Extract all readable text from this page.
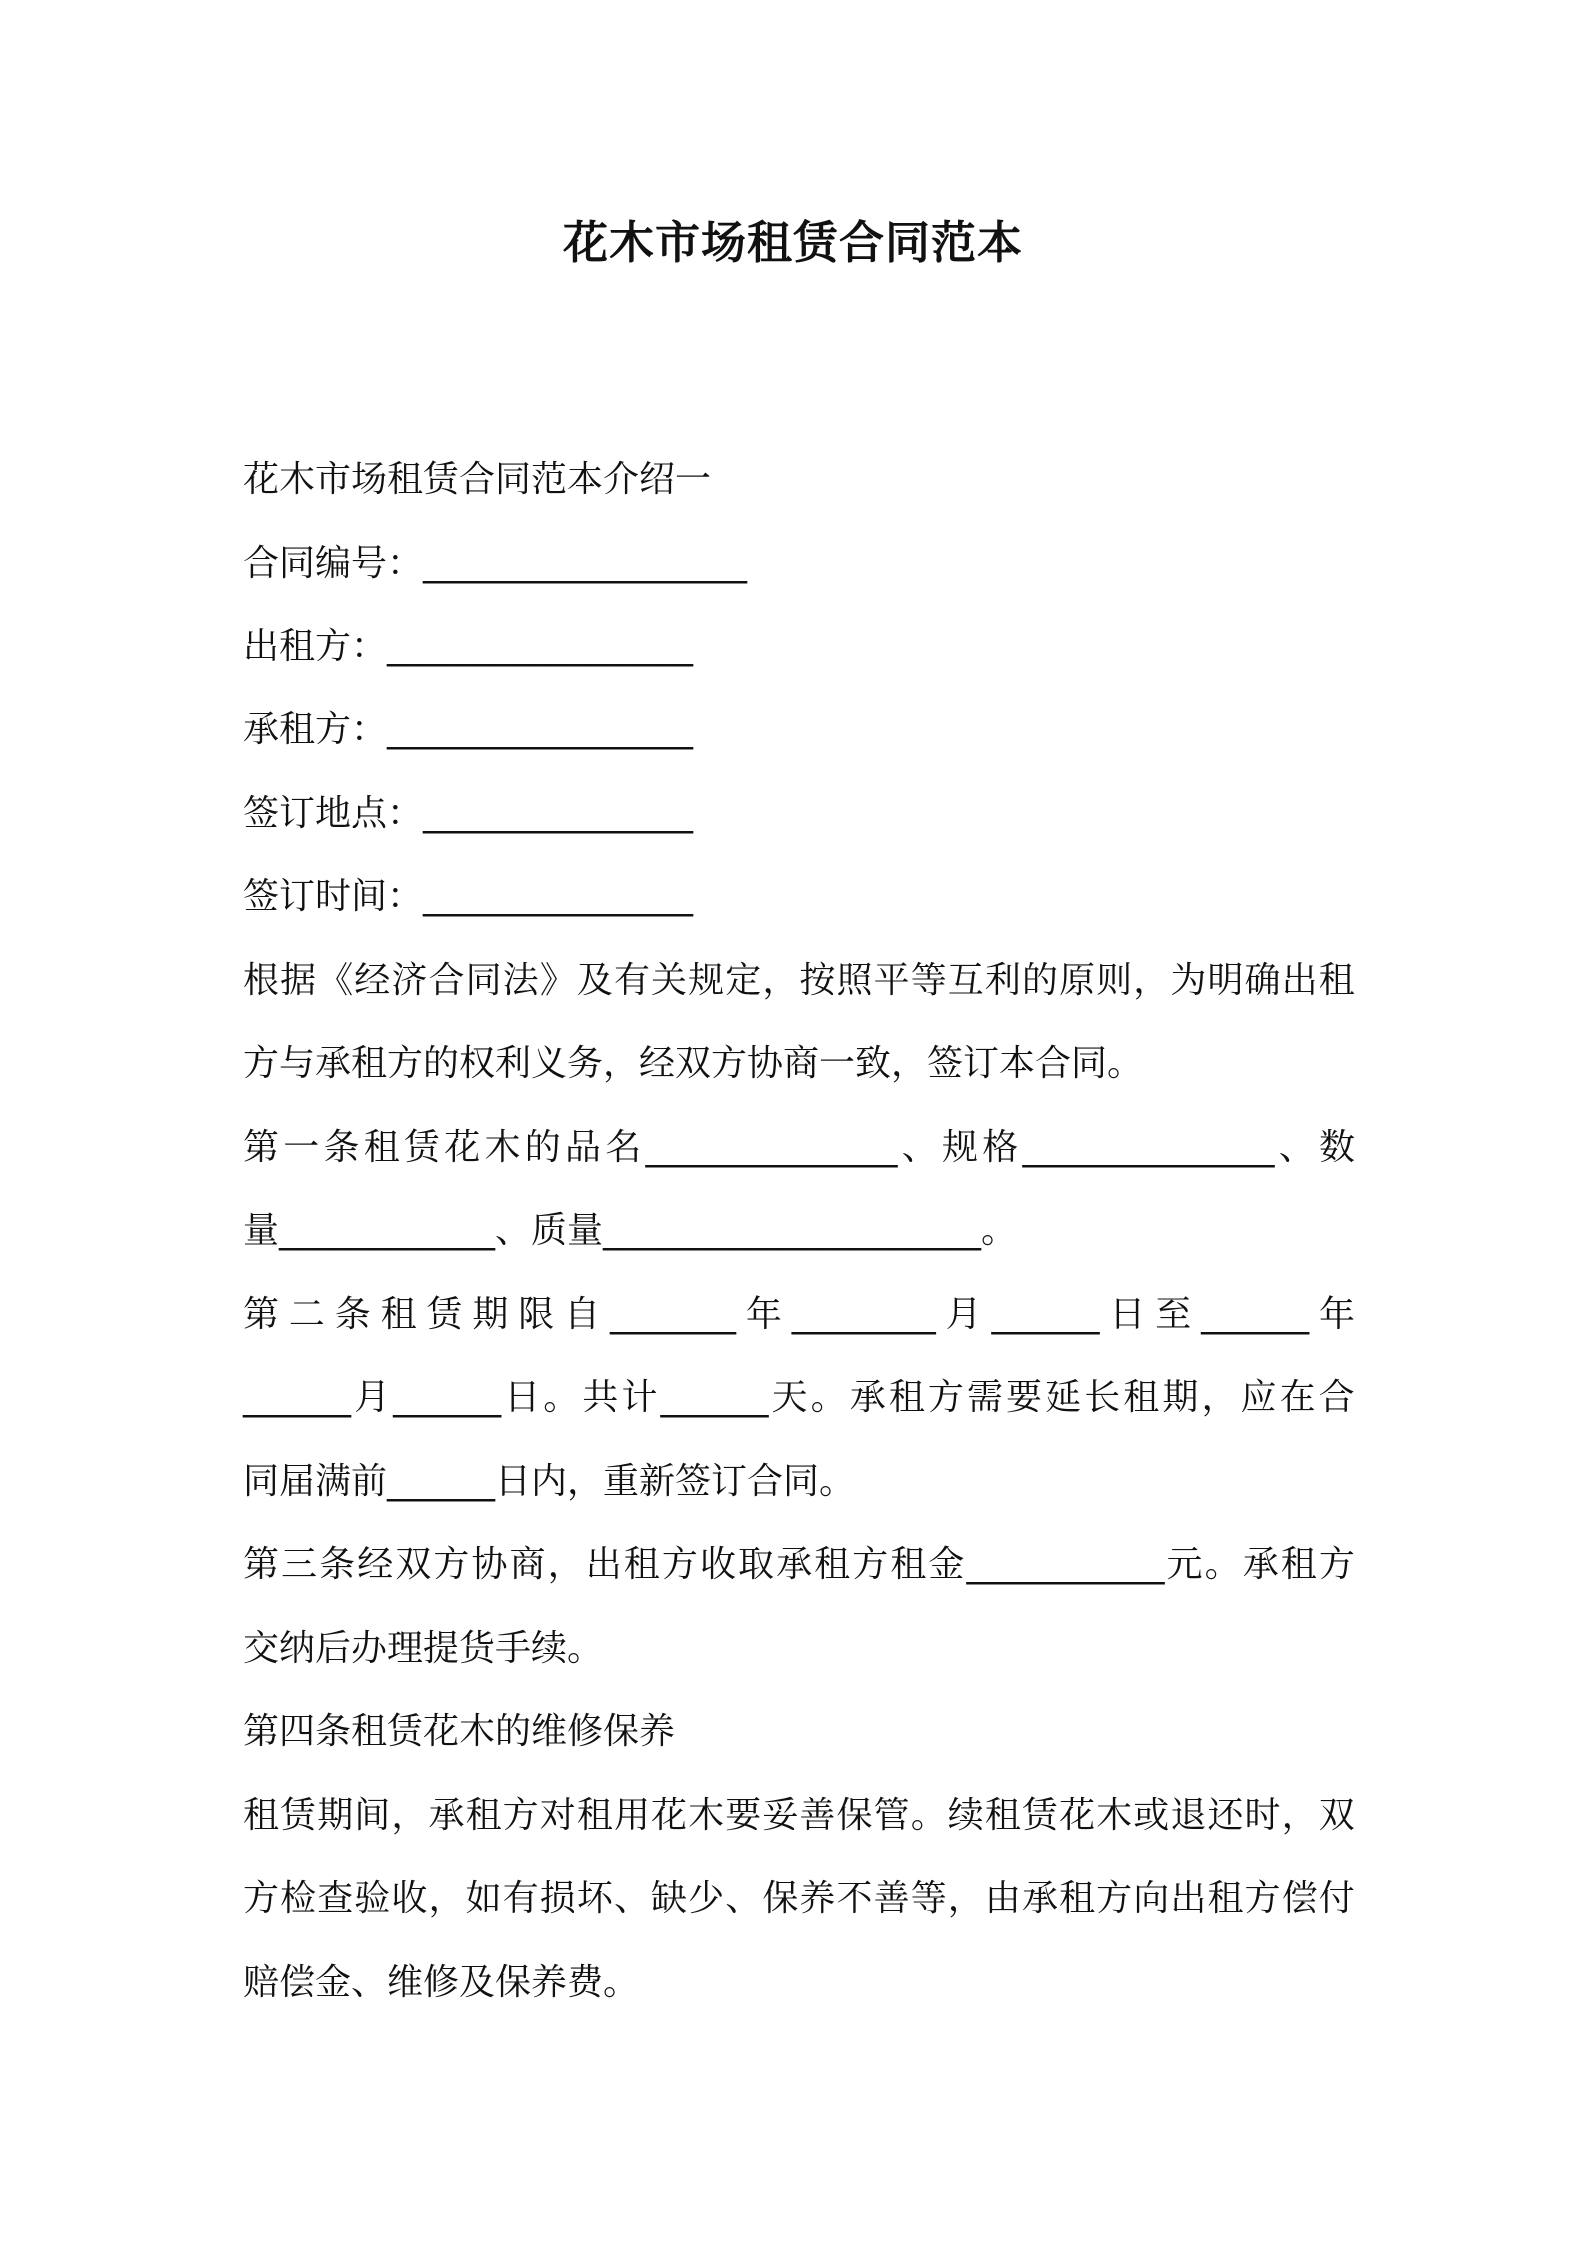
花木市场租赁合同范本
花木市场租赁合同范本介绍一
合同编号：__________________
出租方：_________________
承租方：_________________
签订地点：_______________
签订时间：_______________
根 据 《 经 济 合 同 法 》 及 有 关 规 定 ， 按 照 平 等 互 利 的 原 则 ， 为 明 确 出 租
方与承租方的权利义务，经双方协商一致，签订本合同。
第 一 条 租 赁 花 木 的 品 名 ______________ 、 规 格 ______________ 、 数
量____________、质量_____________________。
第 二 条 租 赁 期 限 自 _______ 年 ________ 月 ______ 日 至 ______ 年
______ 月 ______ 日 。 共 计 ______ 天 。 承 租 方 需 要 延 长 租 期 ， 应 在 合
同届满前______日内，重新签订合同。
第 三 条 经 双 方 协 商 ， 出 租 方 收 取 承 租 方 租 金 ___________ 元 。 承 租 方
交纳后办理提货手续。
第四条租赁花木的维修保养
租 赁 期 间 ， 承 租 方 对 租 用 花 木 要 妥 善 保 管 。 续 租 赁 花 木 或 退 还 时 ， 双
方 检 查 验 收 ， 如 有 损 坏 、 缺 少 、 保 养 不 善 等 ， 由 承 租 方 向 出 租 方 偿 付
赔偿金、维修及保养费。
